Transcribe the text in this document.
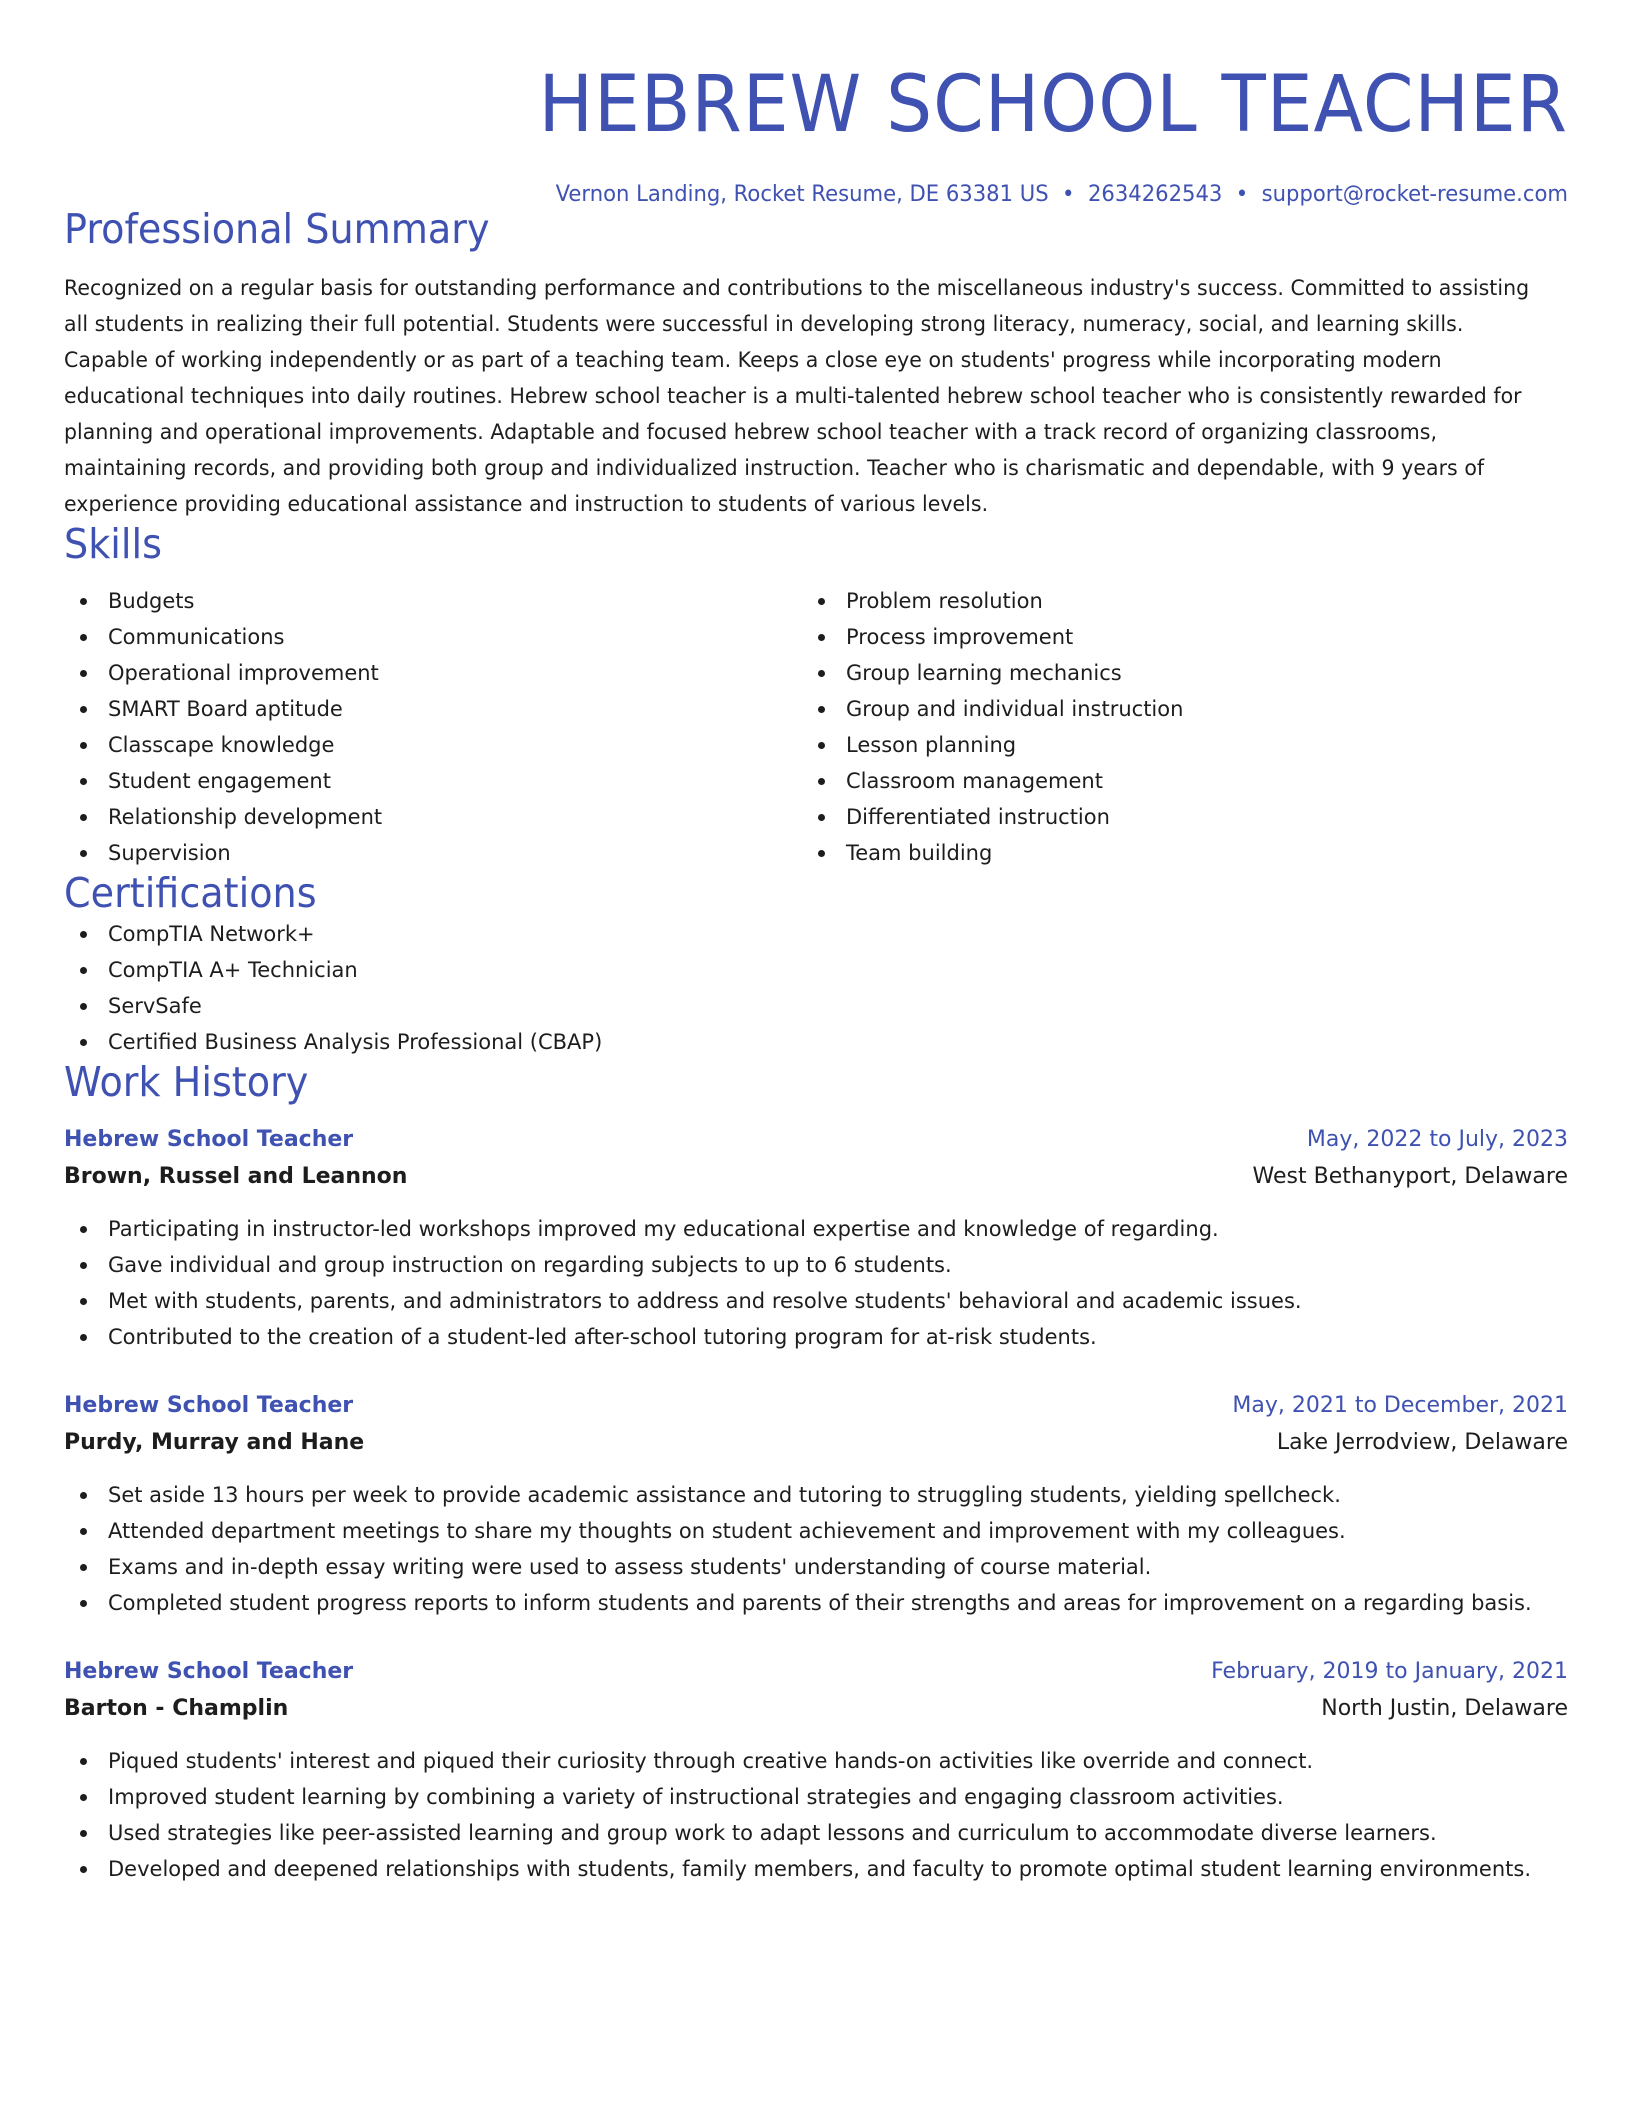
HEBREW SCHOOL TEACHER
Vernon Landing, Rocket Resume, DE 63381 US • 2634262543 • support@rocket-resume.com
Professional Summary
Recognized on a regular basis for outstanding performance and contributions to the miscellaneous industry's success. Committed to assisting all students in realizing their full potential. Students were successful in developing strong literacy, numeracy, social, and learning skills. Capable of working independently or as part of a teaching team. Keeps a close eye on students' progress while incorporating modern educational techniques into daily routines. Hebrew school teacher is a multi-talented hebrew school teacher who is consistently rewarded for planning and operational improvements. Adaptable and focused hebrew school teacher with a track record of organizing classrooms, maintaining records, and providing both group and individualized instruction. Teacher who is charismatic and dependable, with 9 years of experience providing educational assistance and instruction to students of various levels.
Skills
Budgets
Communications
Operational improvement
SMART Board aptitude
Classcape knowledge
Student engagement
Relationship development
Supervision
Problem resolution
Process improvement
Group learning mechanics
Group and individual instruction
Lesson planning
Classroom management
Differentiated instruction
Team building
Certifications
CompTIA Network+
CompTIA A+ Technician
ServSafe
Certified Business Analysis Professional (CBAP)
Work History
Hebrew School Teacher	May, 2022 to July, 2023
Brown, Russel and Leannon	West Bethanyport, Delaware
Participating in instructor-led workshops improved my educational expertise and knowledge of regarding.
Gave individual and group instruction on regarding subjects to up to 6 students.
Met with students, parents, and administrators to address and resolve students' behavioral and academic issues.
Contributed to the creation of a student-led after-school tutoring program for at-risk students.
Hebrew School Teacher	May, 2021 to December, 2021
Purdy, Murray and Hane	Lake Jerrodview, Delaware
Set aside 13 hours per week to provide academic assistance and tutoring to struggling students, yielding spellcheck.
Attended department meetings to share my thoughts on student achievement and improvement with my colleagues.
Exams and in-depth essay writing were used to assess students' understanding of course material.
Completed student progress reports to inform students and parents of their strengths and areas for improvement on a regarding basis.
Hebrew School Teacher	February, 2019 to January, 2021
Barton - Champlin	North Justin, Delaware
Piqued students' interest and piqued their curiosity through creative hands-on activities like override and connect.
Improved student learning by combining a variety of instructional strategies and engaging classroom activities.
Used strategies like peer-assisted learning and group work to adapt lessons and curriculum to accommodate diverse learners.
Developed and deepened relationships with students, family members, and faculty to promote optimal student learning environments.
